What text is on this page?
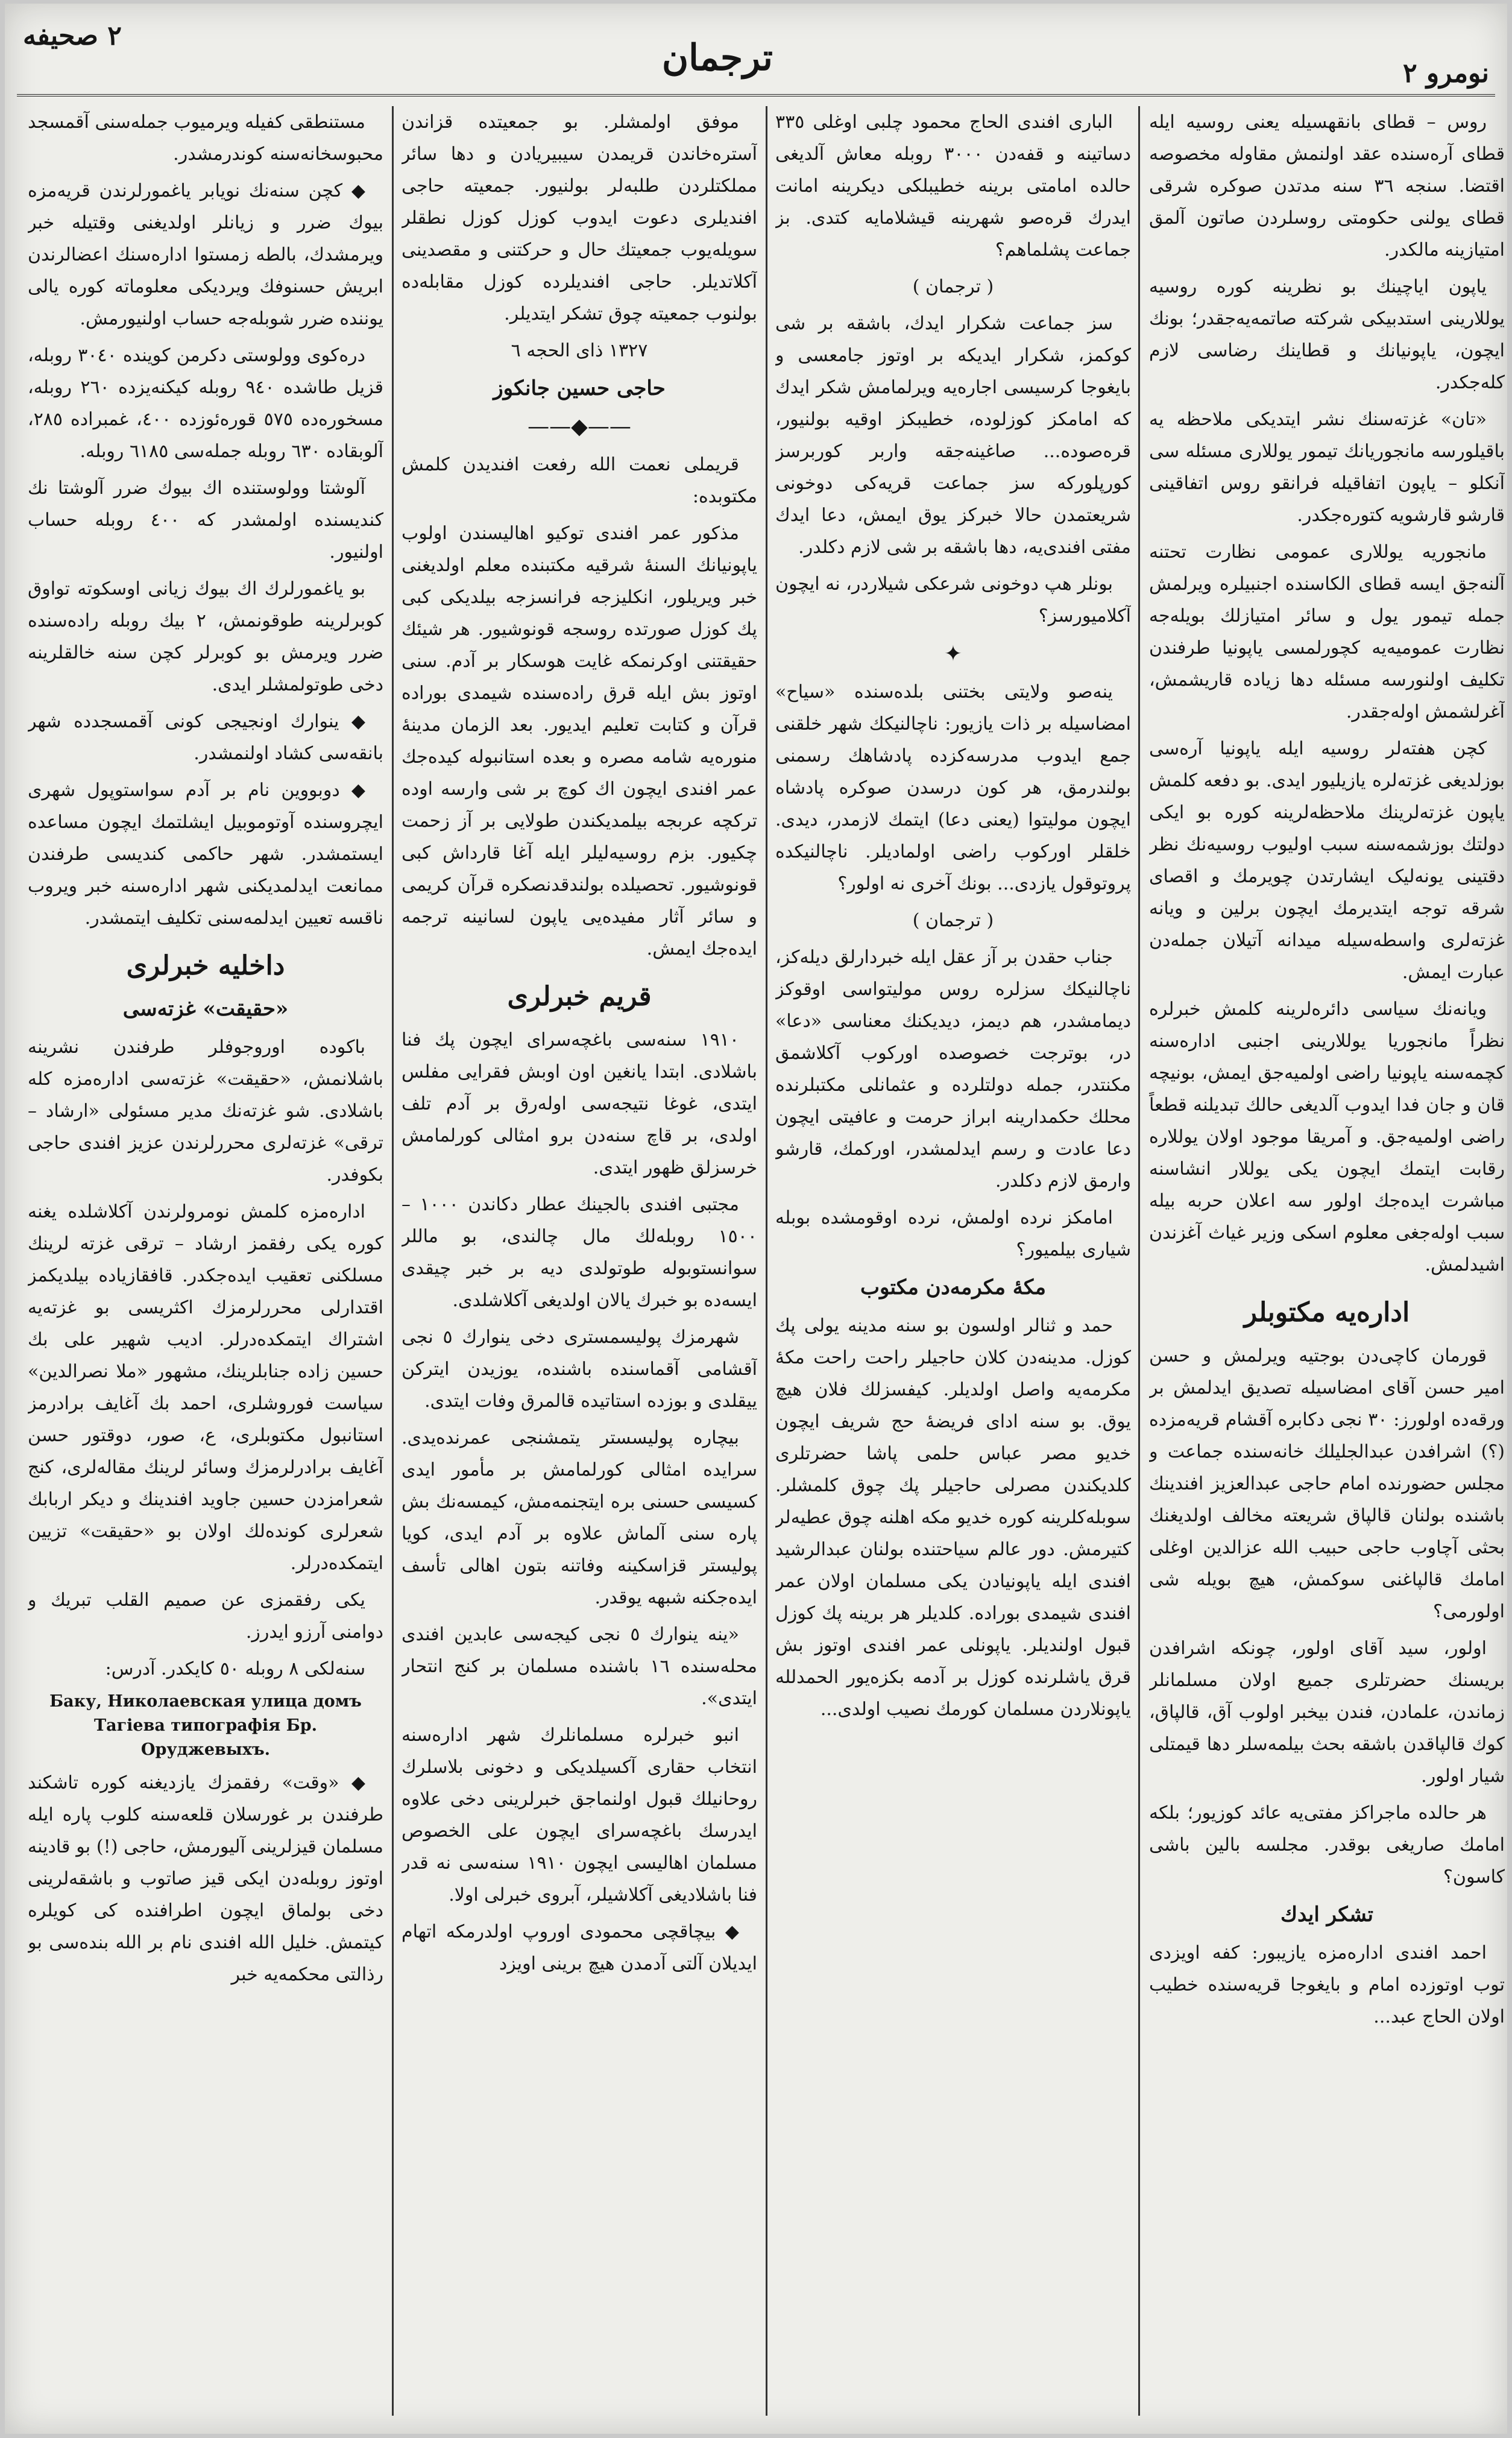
٢ صحيفه
ترجمان	نومرو ٢

روس – قطای بانقهسیله یعنی روسیه ایله قطای آره‌سنده عقد اولنمش مقاوله مخصوصه اقتضا. سنجه ٣٦ سنه مدتدن صوکره شرقی قطای یولنی حکومتی روسلردن صاتون آلمق امتیازینه مالکدر.

یاپون ایاچینك بو نظرینه کوره روسیه یوللارینی استدبیکی شرکته صاتمه‌یه‌جقدر؛ بونك ایچون، یاپونیانك و قطاینك رضاسی لازم کله‌جکدر.

«تان» غزته‌سنك نشر ایتدیکی ملاحظه یه باقیلورسه مانجوریانك تیمور یوللاری مسئله سی آنکلو – یاپون اتفاقیله فرانقو روس اتفاقینی قارشو قارشویه کتوره‌جکدر.

مانجوریه یوللاری عمومی نظارت تحتنه آلنه‌جق ایسه قطای الکاسنده اجنبیلره ویرلمش جمله تیمور یول و سائر امتیازلك بویله‌جه نظارت عمومیه‌یه کچورلمسی یاپونیا طرفندن تکلیف اولنورسه مسئله دها زیاده قاریشمش، آغرلشمش اوله‌جقدر.

کچن هفته‌لر روسیه ایله یاپونیا آره‌سی بوزلدیغی غزته‌لره یازیلیور ایدی. بو دفعه کلمش یاپون غزته‌لرینك ملاحظه‌لرینه کوره بو ایکی دولتك بوزشمه‌سنه سبب اولیوب روسیه‌نك نظر دقتینی یونه‌لیک ایشارتدن چویرمك و اقصای شرقه توجه ایتدیرمك ایچون برلین و ویانه غزته‌لری واسطه‌سیله میدانه آتیلان جمله‌دن عبارت ایمش.

ویانه‌نك سیاسی دائره‌لرینه کلمش خبرلره نظراً مانجوریا یوللارینی اجنبی اداره‌سنه کچمه‌سنه یاپونیا راضی اولمیه‌جق ایمش، بونیچه قان و جان فدا ایدوب آلدیغی حالك تبدیلنه قطعاً راضی اولمیه‌جق. و آمریقا موجود اولان یوللاره رقابت ایتمك ایچون یکی یوللار انشاسنه مباشرت ایده‌جك اولور سه اعلان حربه بیله سبب اوله‌جغی معلوم اسکی وزیر غیاث آغزندن اشیدلمش.

اداره‌یه مکتوبلر

قورمان کاچی‌دن بوجتیه ویرلمش و حسن امیر حسن آقای امضاسیله تصدیق ایدلمش بر ورقه‌ده اولورز: ٣٠ نجی دکابره آقشام قریه‌مزده (؟) اشرافدن عبدالجلیلك خانه‌سنده جماعت و مجلس حضورنده امام حاجی عبدالعزیز افندینك باشنده بولنان قالپاق شریعته مخالف اولدیغنك بحثی آچاوب حاجی حبیب الله عزالدین اوغلی امامك قالپاغنی سوکمش، هیچ بویله شی اولورمی؟

اولور، سید آقای اولور، چونکه اشرافدن بریسنك حضرتلری جمیع اولان مسلمانلر زماندن، علمادن، فندن بیخبر اولوب آق، قالپاق، کوك قالپاقدن باشقه بحث بیلمه‌سلر دها قیمتلی شیار اولور.

هر حالده ماجراکز مفتی‌یه عائد کوزیور؛ بلکه امامك صاریغی بوقدر. مجلسه بالین باشی کاسون؟

تشکر ایدك

احمد افندی اداره‌مزه یازیبور: کفه اویزدی توب اوتوزده امام و بایغوجا قریه‌سنده خطیب اولان الحاج عبد...

الباری افندی الحاج محمود چلبی اوغلی ٣٣٥ دساتینه و قفه‌دن ٣٠٠٠ روبله معاش آلدیغی حالده امامتی برینه خطیبلکی دیکرینه امانت ایدرك قره‌صو شهرینه قیشلامایه کتدی. بز جماعت پشلماهم؟

( ترجمان )

سز جماعت شکرار ایدك، باشقه بر شی کوکمز، شکرار ایدیکه بر اوتوز جامعسی و بایغوجا کرسیسی اجاره‌یه ویرلمامش شکر ایدك که امامکز کوزلوده، خطیبکز اوقیه بولنیور، قره‌صوده... صاغینه‌جقه واربر کوربرسز کورپلورکه سز جماعت قریه‌کی دوخونی شریعتمدن حالا خبرکز یوق ایمش، دعا ایدك مفتی افندی‌یه، دها باشقه بر شی لازم دکلدر.

بونلر هپ دوخونی شرعکی شیلاردر، نه ایچون آکلامیورسز؟

✦

ینه‌صو ولایتی بختنی بلده‌سنده «سیاح» امضاسیله بر ذات یازیور: ناچالنیکك شهر خلقنی جمع ایدوب مدرسه‌کزده پادشاهك رسمنی بولندرمق، هر کون درسدن صوکره پادشاه ایچون مولیتوا (یعنی دعا) ایتمك لازمدر، دیدی. خلقلر اورکوب راضی اولمادیلر. ناچالنیکده پروتوقول یازدی... بونك آخری نه اولور؟

( ترجمان )

جناب حقدن بر آز عقل ایله خبردارلق دیله‌کز، ناچالنیکك سزلره روس مولیتواسی اوقوکز دیمامشدر، هم دیمز، دیدیکنك معناسی «دعا» در، بوترجت خصوصده اورکوب آکلاشمق مکنتدر، جمله دولتلرده و عثمانلی مکتبلرنده محلك حکمدارینه ابراز حرمت و عافیتی ایچون دعا عادت و رسم ایدلمشدر، اورکمك، قارشو وارمق لازم دکلدر.

امامکز نرده اولمش، نرده اوقومشده بوبله شیاری بیلمیور؟

مکهٔ مکرمه‌دن مکتوب

حمد و ثنالر اولسون بو سنه مدینه یولی پك کوزل. مدینه‌دن کلان حاجیلر راحت راحت مکهٔ مکرمه‌یه واصل اولدیلر. کیفسزلك فلان هیچ یوق. بو سنه ادای فریضهٔ حج شریف ایچون خدیو مصر عباس حلمی پاشا حضرتلری کلدیکندن مصرلی حاجیلر پك چوق کلمشلر. سوبله‌کلرینه کوره خدیو مکه اهلنه چوق عطیه‌لر کتیرمش. دور عالم سیاحتنده بولنان عبدالرشید افندی ایله یاپونیادن یکی مسلمان اولان عمر افندی شیمدی بوراده. کلدیلر هر برینه پك کوزل قبول اولندیلر. یاپونلی عمر افندی اوتوز بش قرق یاشلرنده کوزل بر آدمه بکزه‌یور الحمدلله یاپونلاردن مسلمان کورمك نصیب اولدی...

موفق اولمشلر. بو جمعیتده قزاندن آستره‌خاندن قریمدن سیبیریادن و دها سائر مملکتلردن طلبه‌لر بولنیور. جمعیته حاجی افندیلری دعوت ایدوب کوزل کوزل نطقلر سویله‌یوب جمعیتك حال و حرکتنی و مقصدینی آکلاتدیلر. حاجی افندیلرده کوزل مقابله‌ده بولنوب جمعیته چوق تشکر ایتدیلر.

١٣٢٧ ذای الحجه ٦

حاجی حسین جانکوز

——◆——

قریملی نعمت الله رفعت افندیدن کلمش مکتوبده:

مذکور عمر افندی توکیو اهالیسندن اولوب یاپونیانك السنهٔ شرقیه مکتبنده معلم اولدیغنی خبر ویریلور، انکلیزجه فرانسزجه بیلدیکی کبی پك کوزل صورتده روسجه قونوشیور. هر شیئك حقیقتنی اوکرنمکه غایت هوسکار بر آدم. سنی اوتوز بش ایله قرق راده‌سنده شیمدی بوراده قرآن و کتابت تعلیم ایدیور. بعد الزمان مدینهٔ منوره‌یه شامه مصره و بعده استانبوله کیده‌جك عمر افندی ایچون اك کوچ بر شی وارسه اوده ترکچه عربجه بیلمدیکندن طولایی بر آز زحمت چکیور. بزم روسیه‌لیلر ایله آغا قارداش کبی قونوشیور. تحصیلده بولندقدنصکره قرآن کریمی و سائر آثار مفیده‌یی یاپون لسانینه ترجمه ایده‌جك ایمش.

قریم خبرلری

١٩١٠ سنه‌سی باغچه‌سرای ایچون پك فنا باشلادی. ابتدا یانغین اون اوبش فقرایی مفلس ایتدی، غوغا نتیجه‌سی اولەرق بر آدم تلف اولدی، بر قاچ سنه‌دن برو امثالی کورلمامش خرسزلق ظهور ایتدی.

مجتبی افندی بالجینك عطار دکاندن ١٠٠٠ – ١٥٠٠ روبله‌لك مال چالندی، بو ماللر سوانستوبوله طوتولدی دیه بر خبر چیقدی ایسه‌ده بو خبرك یالان اولدیغی آکلاشلدی.

شهرمزك پولیسمستری دخی ینوارك ٥ نجی آقشامی آقماسنده باشنده، یوزیدن ایترکن ییقلدی و بوزده استاتیده قالمرق وفات ایتدی.

بیچاره پولیسستر یتمشنجی عمرنده‌یدی. سرایده امثالی کورلمامش بر مأمور ایدی کسیسی حسنی بره ایتجنمه‌مش، کیمسه‌نك بش پاره سنی آلماش علاوه بر آدم ایدی، کویا پولیستر قزاسکینه وفاتنه بتون اهالی تأسف ایده‌جکنه شبهه یوقدر.

«ینه ینوارك ٥ نجی کیجه‌سی عابدین افندی محله‌سنده ١٦ باشنده مسلمان بر کنج انتحار ایتدی».

انبو خبرلره مسلمانلرك شهر اداره‌سنه انتخاب حقاری آکسیلدیکی و دخونی بلاسلرك روحانیلك قبول اولنماجق خبرلرینی دخی علاوه ایدرسك باغچه‌سرای ایچون علی الخصوص مسلمان اهالیسی ایچون ١٩١٠ سنه‌سی نه قدر فنا باشلادیغی آکلاشیلر، آبروی خبرلی اولا.

◆ بیچاقچی محمودی اوروپ اولدرمکه اتهام ایدیلان آلتی آدمدن هیچ برینی اویزد

مستنطقی کفیله ویرمیوب جمله‌سنی آقمسجد محبوسخانه‌سنه کوندرمشدر.

◆ کچن سنه‌نك نویابر یاغمورلرندن قریه‌مزه بیوك ضرر و زیانلر اولدیغنی وقتیله خبر ویرمشدك، بالطه زمستوا اداره‌سنك اعضالرندن ابریش حسنوفك ویردیکی معلوماته کوره یالی یوننده ضرر شوبله‌جه حساب اولنیورمش.

دره‌کوی وولوستی دکرمن کوینده ٣٠٤٠ روبله، قزیل طاشده ٩٤٠ روبله کیکنه‌یزده ٢٦٠ روبله، مسخوره‌ده ٥٧٥ قوره‌ئوزده ٤٠٠، غمبراده ٢٨٥، آلوبقاده ٦٣٠ روبله جمله‌سی ٦١٨٥ روبله.

آلوشتا وولوستنده اك بیوك ضرر آلوشتا نك کندیسنده اولمشدر که ٤٠٠ روبله حساب اولنیور.

بو یاغمورلرك اك بیوك زیانی اوسکوته تواوق کوبرلرینه طوقونمش، ٢ بیك روبله راده‌سنده ضرر ویرمش بو کوبرلر کچن سنه خالقلرینه دخی طوتولمشلر ایدی.

◆ ینوارك اونجیجی کونی آقمسجدده شهر بانقه‌سی کشاد اولنمشدر.

◆ دوبووین نام بر آدم سواستوپول شهری ایچروسنده آوتوموبیل ایشلتمك ایچون مساعده ایستمشدر. شهر حاکمی کندیسی طرفندن ممانعت ایدلمدیکنی شهر اداره‌سنه خبر ویروب ناقسه تعیین ایدلمه‌سنی تکلیف ایتمشدر.

داخلیه خبرلری
«حقیقت» غزته‌سی

باکوده اوروجوفلر طرفندن نشرینه باشلانمش، «حقیقت» غزته‌سی اداره‌مزه کله باشلادی. شو غزته‌نك مدیر مسئولی «ارشاد – ترقی» غزته‌لری محررلرندن عزیز افندی حاجی بکوفدر.

اداره‌مزه کلمش نومرولرندن آکلاشلده یغنه کوره یکی رفقمز ارشاد – ترقی غزته لرینك مسلکنی تعقیب ایده‌جکدر. قافقازیاده بیلدیکمز اقتدارلی محررلرمزك اکثریسی بو غزته‌یه اشتراك ایتمکده‌درلر. ادیب شهیر علی بك حسین زاده جنابلرینك، مشهور «ملا نصرالدین» سیاست فوروشلری، احمد بك آغایف برادرمز استانبول مکتوبلری، ع، صور، دوقتور حسن آغایف برادرلرمزك وسائر لرینك مقاله‌لری، کنج شعرامزدن حسین جاوید افندینك و دیکر اربابك شعرلری کونده‌لك اولان بو «حقیقت» تزیین ایتمکده‌درلر.

یکی رفقمزی عن صمیم القلب تبریك و دوامنی آرزو ایدرز.

سنه‌لکی ٨ روبله ٥٠ کایکدر. آدرس:

Баку, Николаевская улица домъ Тагіева типографія Бр. Оруджевыхъ.

◆ «وقت» رفقمزك یازدیغنه کوره تاشکند طرفندن بر غورسلان قلعه‌سنه کلوب پاره ایله مسلمان قیزلرینی آلیورمش، حاجی (!) بو قادینه اوتوز روبله‌دن ایکی قیز صاتوب و باشقه‌لرینی دخی بولماق ایچون اطرافنده کی کویلره کیتمش. خلیل الله افندی نام بر الله بنده‌سی بو رذالتی محکمه‌یه خبر
